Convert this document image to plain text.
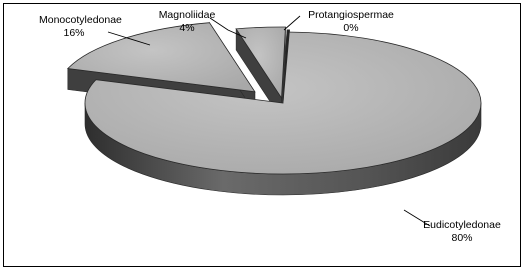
Monocotyledonae
16%
Magnoliidae
4%
Protangiospermae
0%
Eudicotyledonae
80%
